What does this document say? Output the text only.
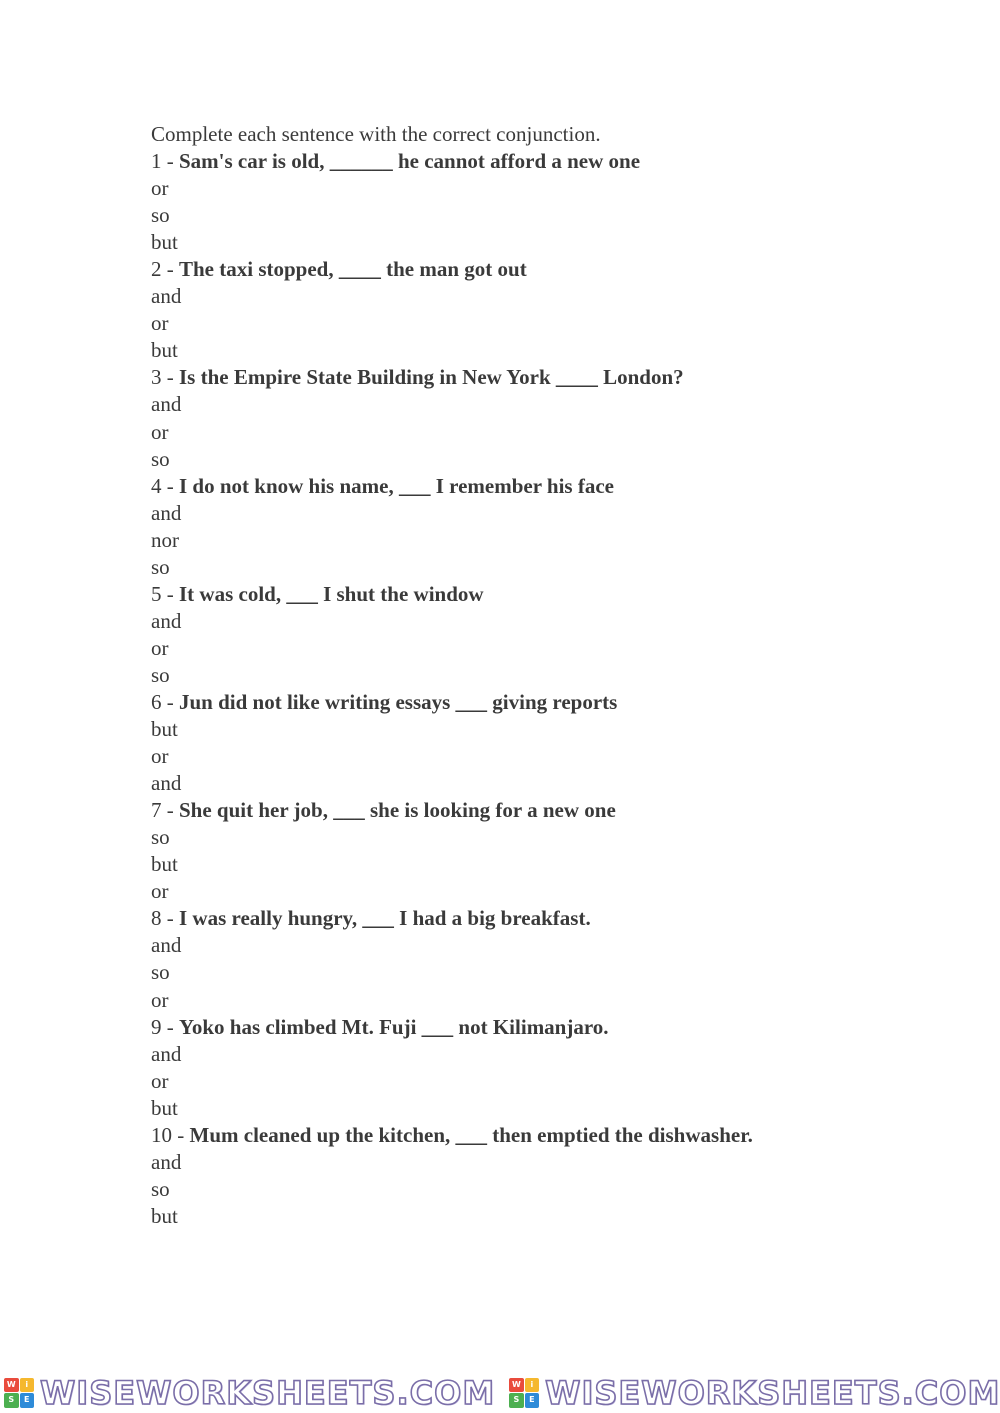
Complete each sentence with the correct conjunction.
1 - Sam's car is old, ______ he cannot afford a new one
or
so
but
2 - The taxi stopped, ____ the man got out
and
or
but
3 - Is the Empire State Building in New York ____ London?
and
or
so
4 - I do not know his name, ___ I remember his face
and
nor
so
5 - It was cold, ___ I shut the window
and
or
so
6 - Jun did not like writing essays ___ giving reports
but
or
and
7 - She quit her job, ___ she is looking for a new one
so
but
or
8 - I was really hungry, ___ I had a big breakfast.
and
so
or
9 - Yoko has climbed Mt. Fuji ___ not Kilimanjaro.
and
or
but
10 - Mum cleaned up the kitchen, ___ then emptied the dishwasher.
and
so
but
W	i
S	E WISEWORKSHEETS.COM	W	i
S	E WISEWORKSHEETS.COM
